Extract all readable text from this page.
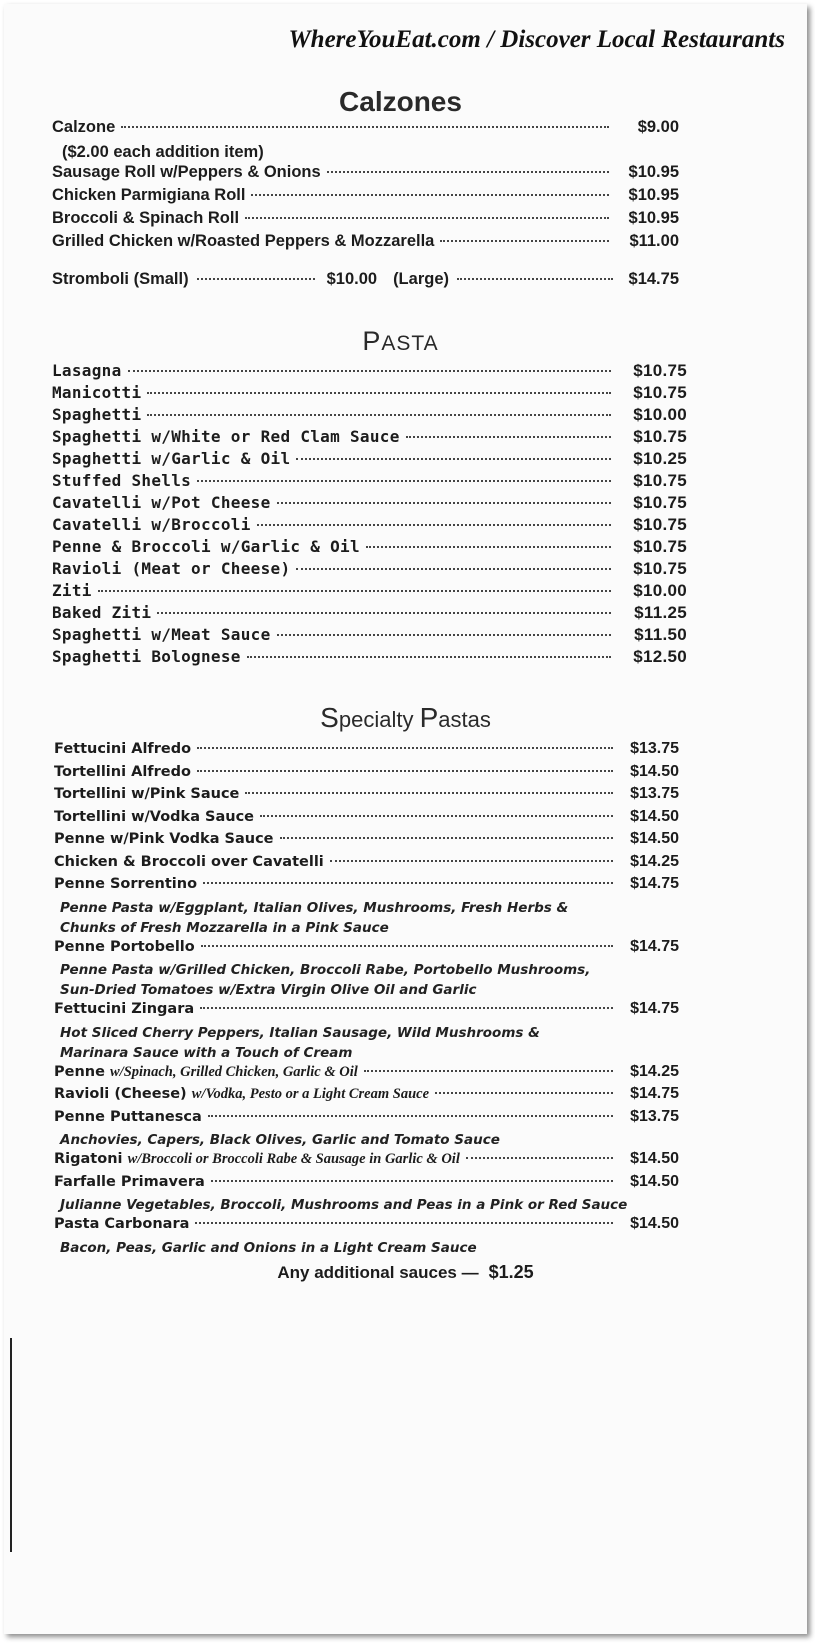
WhereYouEat.com / Discover Local Restaurants
Calzones
Calzone	$9.00
($2.00 each addition item)
Sausage Roll w/Peppers & Onions	$10.95
Chicken Parmigiana Roll	$10.95
Broccoli & Spinach Roll	$10.95
Grilled Chicken w/Roasted Peppers & Mozzarella	$11.00
Stromboli (Small)	$10.00 (Large)	$14.75
PASTA
Lasagna	$10.75
Manicotti	$10.75
Spaghetti	$10.00
Spaghetti w/White or Red Clam Sauce	$10.75
Spaghetti w/Garlic & Oil	$10.25
Stuffed Shells	$10.75
Cavatelli w/Pot Cheese	$10.75
Cavatelli w/Broccoli	$10.75
Penne & Broccoli w/Garlic & Oil	$10.75
Ravioli (Meat or Cheese)	$10.75
Ziti	$10.00
Baked Ziti	$11.25
Spaghetti w/Meat Sauce	$11.50
Spaghetti Bolognese	$12.50
Specialty Pastas
Fettucini Alfredo	$13.75
Tortellini Alfredo	$14.50
Tortellini w/Pink Sauce	$13.75
Tortellini w/Vodka Sauce	$14.50
Penne w/Pink Vodka Sauce	$14.50
Chicken & Broccoli over Cavatelli	$14.25
Penne Sorrentino	$14.75
Penne Pasta w/Eggplant, Italian Olives, Mushrooms, Fresh Herbs &
Chunks of Fresh Mozzarella in a Pink Sauce
Penne Portobello	$14.75
Penne Pasta w/Grilled Chicken, Broccoli Rabe, Portobello Mushrooms,
Sun-Dried Tomatoes w/Extra Virgin Olive Oil and Garlic
Fettucini Zingara	$14.75
Hot Sliced Cherry Peppers, Italian Sausage, Wild Mushrooms &
Marinara Sauce with a Touch of Cream
Penne w/Spinach, Grilled Chicken, Garlic & Oil	$14.25
Ravioli (Cheese) w/Vodka, Pesto or a Light Cream Sauce	$14.75
Penne Puttanesca	$13.75
Anchovies, Capers, Black Olives, Garlic and Tomato Sauce
Rigatoni w/Broccoli or Broccoli Rabe & Sausage in Garlic & Oil	$14.50
Farfalle Primavera	$14.50
Julianne Vegetables, Broccoli, Mushrooms and Peas in a Pink or Red Sauce
Pasta Carbonara	$14.50
Bacon, Peas, Garlic and Onions in a Light Cream Sauce
Any additional sauces — $1.25
